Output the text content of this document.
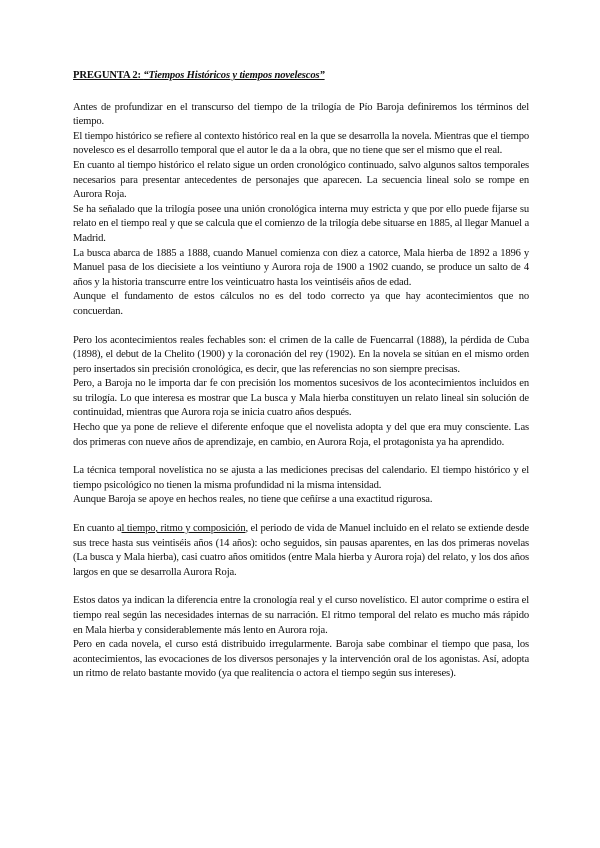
PREGUNTA 2: “Tiempos Históricos y tiempos novelescos”

Antes de profundizar en el transcurso del tiempo de la trilogía de Pío Baroja definiremos los términos del tiempo.

El tiempo histórico se refiere al contexto histórico real en la que se desarrolla la novela. Mientras que el tiempo novelesco es el desarrollo temporal que el autor le da a la obra, que no tiene que ser el mismo que el real.

En cuanto al tiempo histórico el relato sigue un orden cronológico continuado, salvo algunos saltos temporales necesarios para presentar antecedentes de personajes que aparecen. La secuencia lineal solo se rompe en Aurora Roja.

Se ha señalado que la trilogía posee una unión cronológica interna muy estricta y que por ello puede fijarse su relato en el tiempo real y que se calcula que el comienzo de la trilogía debe situarse en 1885, al llegar Manuel a Madrid.

La busca abarca de 1885 a 1888, cuando Manuel comienza con diez a catorce, Mala hierba de 1892 a 1896 y Manuel pasa de los diecisiete a los veintiuno y Aurora roja de 1900 a 1902 cuando, se produce un salto de 4 años y la historia transcurre entre los veinticuatro hasta los veintiséis años de edad.

Aunque el fundamento de estos cálculos no es del todo correcto ya que hay acontecimientos que no concuerdan.

Pero los acontecimientos reales fechables son: el crimen de la calle de Fuencarral (1888), la pérdida de Cuba (1898), el debut de la Chelito (1900) y la coronación del rey (1902). En la novela se sitúan en el mismo orden pero insertados sin precisión cronológica, es decir, que las referencias no son siempre precisas.

Pero, a Baroja no le importa dar fe con precisión los momentos sucesivos de los acontecimientos incluidos en su trilogía. Lo que interesa es mostrar que La busca y Mala hierba constituyen un relato lineal sin solución de continuidad, mientras que Aurora roja se inicia cuatro años después.

Hecho que ya pone de relieve el diferente enfoque que el novelista adopta y del que era muy consciente. Las dos primeras con nueve años de aprendizaje, en cambio, en Aurora Roja, el protagonista ya ha aprendido.

La técnica temporal novelística no se ajusta a las mediciones precisas del calendario. El tiempo histórico y el tiempo psicológico no tienen la misma profundidad ni la misma intensidad.

Aunque Baroja se apoye en hechos reales, no tiene que ceñírse a una exactitud rigurosa.

En cuanto al tiempo, ritmo y composición, el periodo de vida de Manuel incluido en el relato se extiende desde sus trece hasta sus veintiséis años (14 años): ocho seguidos, sin pausas aparentes, en las dos primeras novelas (La busca y Mala hierba), casi cuatro años omitidos (entre Mala hierba y Aurora roja) del relato, y los dos años largos en que se desarrolla Aurora Roja.

Estos datos ya indican la diferencia entre la cronología real y el curso novelístico. El autor comprime o estira el tiempo real según las necesidades internas de su narración. El ritmo temporal del relato es mucho más rápido en Mala hierba y considerablemente más lento en Aurora roja.

Pero en cada novela, el curso está distribuido irregularmente. Baroja sabe combinar el tiempo que pasa, los acontecimientos, las evocaciones de los diversos personajes y la intervención oral de los agonistas. Así, adopta un ritmo de relato bastante movido (ya que realitencia o actora el tiempo según sus intereses).
